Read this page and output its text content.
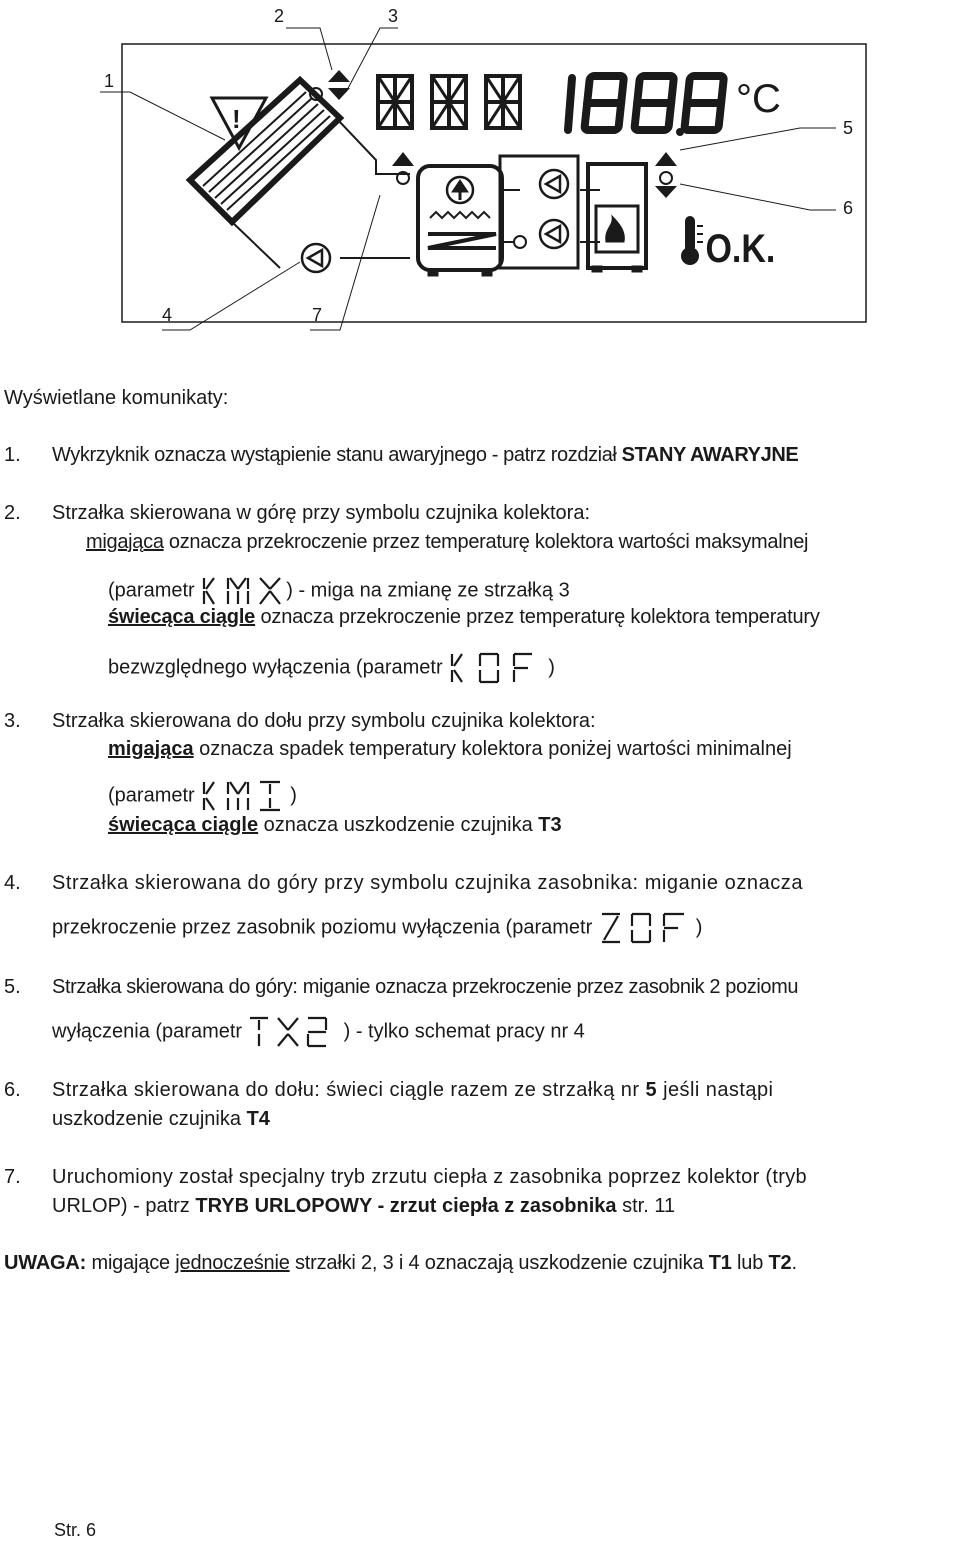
1
2	3
4
5
6
7
!
O.K.
°C
Wyświetlane komunikaty:
1. Wykrzyknik oznacza wystąpienie stanu awaryjnego - patrz rozdział STANY AWARYJNE
2. Strzałka skierowana w górę przy symbolu czujnika kolektora:
migająca oznacza przekroczenie przez temperaturę kolektora wartości maksymalnej
(parametr	) - miga na zmianę ze strzałką 3
świecąca ciągle oznacza przekroczenie przez temperaturę kolektora temperatury
bezwzględnego wyłączenia (parametr	)
3. Strzałka skierowana do dołu przy symbolu czujnika kolektora:
migająca oznacza spadek temperatury kolektora poniżej wartości minimalnej
(parametr	)
świecąca ciągle oznacza uszkodzenie czujnika T3
4. Strzałka skierowana do góry przy symbolu czujnika zasobnika: miganie oznacza
przekroczenie przez zasobnik poziomu wyłączenia (parametr	)
5. Strzałka skierowana do góry: miganie oznacza przekroczenie przez zasobnik 2 poziomu
wyłączenia (parametr	) - tylko schemat pracy nr 4
6. Strzałka skierowana do dołu: świeci ciągle razem ze strzałką nr 5 jeśli nastąpi
uszkodzenie czujnika T4
7. Uruchomiony został specjalny tryb zrzutu ciepła z zasobnika poprzez kolektor (tryb
URLOP) - patrz TRYB URLOPOWY - zrzut ciepła z zasobnika str. 11
UWAGA: migające jednocześnie strzałki 2, 3 i 4 oznaczają uszkodzenie czujnika T1 lub T2.
Str. 6
